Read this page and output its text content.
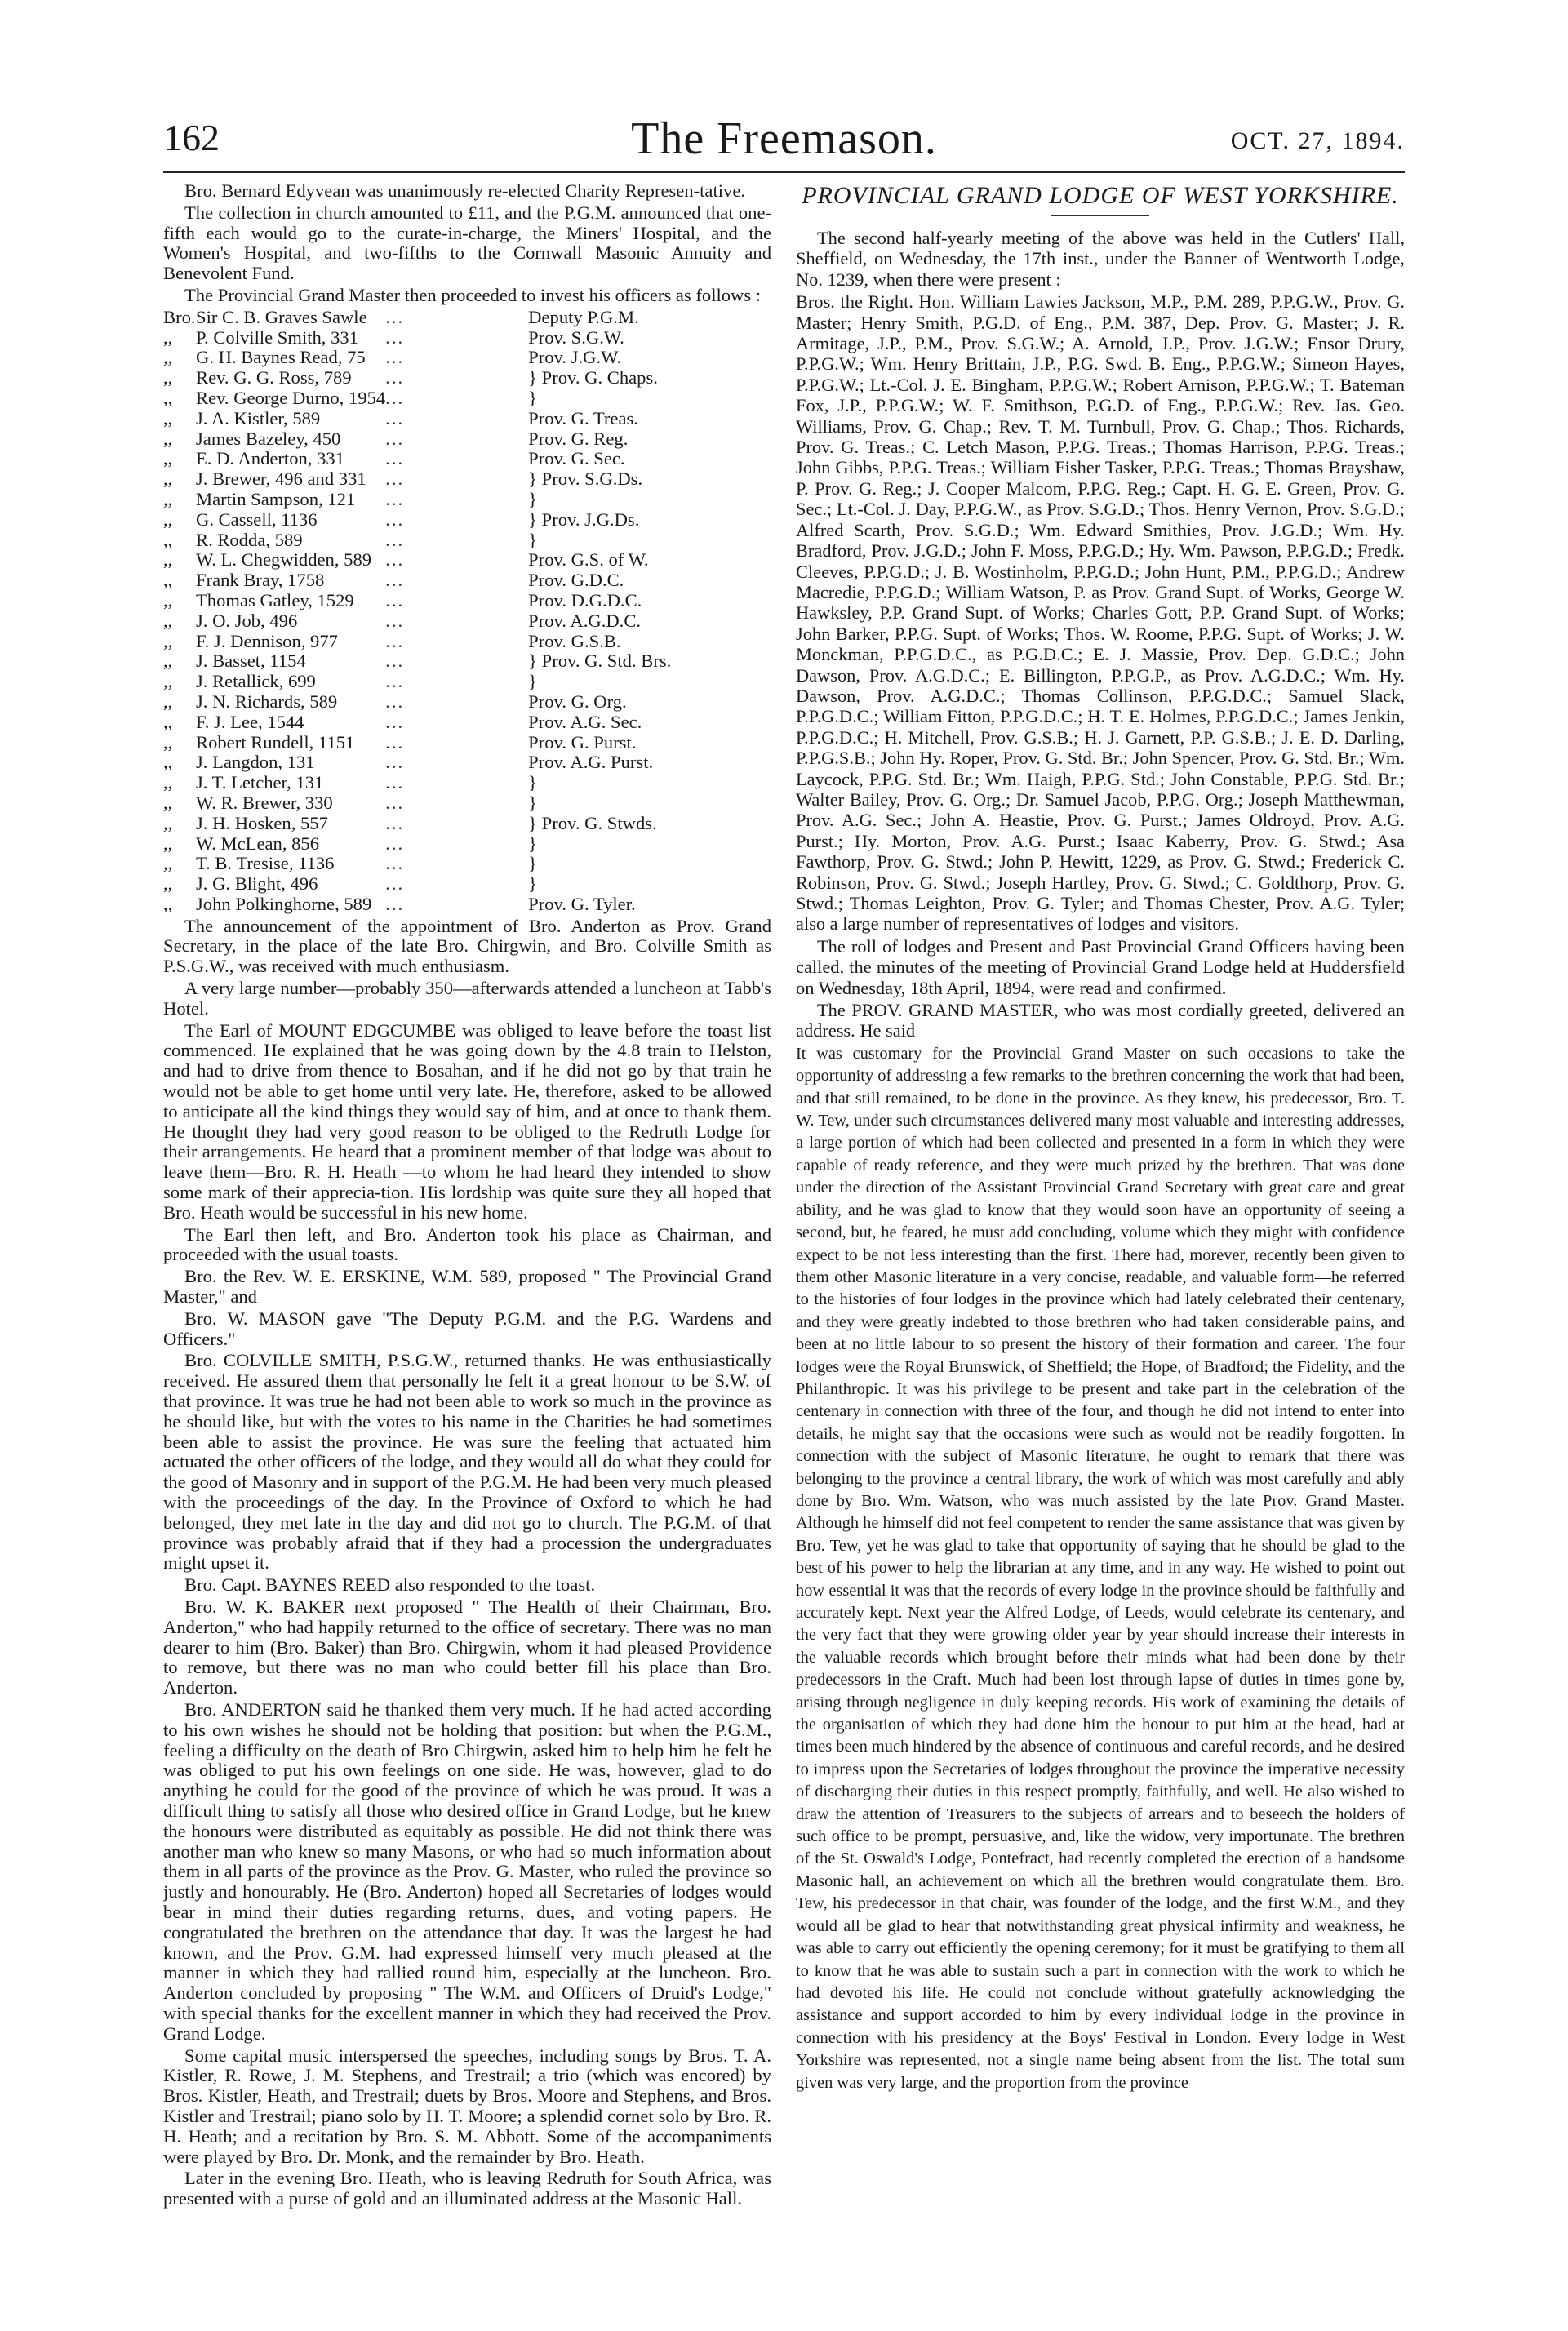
162	The Freemason.	OCT. 27, 1894.

Bro. Bernard Edyvean was unanimously re-elected Charity Represen-tative.

The collection in church amounted to £11, and the P.G.M. announced that one-fifth each would go to the curate-in-charge, the Miners' Hospital, and the Women's Hospital, and two-fifths to the Cornwall Masonic Annuity and Benevolent Fund.

The Provincial Grand Master then proceeded to invest his officers as follows :

Bro.	Sir C. B. Graves Sawle	...	Deputy P.G.M.
,,	P. Colville Smith, 331	...	Prov. S.G.W.
,,	G. H. Baynes Read, 75	...	Prov. J.G.W.
,,	Rev. G. G. Ross, 789	...	} Prov. G. Chaps.
,,	Rev. George Durno, 1954	...	}
,,	J. A. Kistler, 589	...	Prov. G. Treas.
,,	James Bazeley, 450	...	Prov. G. Reg.
,,	E. D. Anderton, 331	...	Prov. G. Sec.
,,	J. Brewer, 496 and 331	...	} Prov. S.G.Ds.
,,	Martin Sampson, 121	...	}
,,	G. Cassell, 1136	...	} Prov. J.G.Ds.
,,	R. Rodda, 589	...	}
,,	W. L. Chegwidden, 589	...	Prov. G.S. of W.
,,	Frank Bray, 1758	...	Prov. G.D.C.
,,	Thomas Gatley, 1529	...	Prov. D.G.D.C.
,,	J. O. Job, 496	...	Prov. A.G.D.C.
,,	F. J. Dennison, 977	...	Prov. G.S.B.
,,	J. Basset, 1154	...	} Prov. G. Std. Brs.
,,	J. Retallick, 699	...	}
,,	J. N. Richards, 589	...	Prov. G. Org.
,,	F. J. Lee, 1544	...	Prov. A.G. Sec.
,,	Robert Rundell, 1151	...	Prov. G. Purst.
,,	J. Langdon, 131	...	Prov. A.G. Purst.
,,	J. T. Letcher, 131	...	}
,,	W. R. Brewer, 330	...	}
,,	J. H. Hosken, 557	...	} Prov. G. Stwds.
,,	W. McLean, 856	...	}
,,	T. B. Tresise, 1136	...	}
,,	J. G. Blight, 496	...	}
,,	John Polkinghorne, 589	...	Prov. G. Tyler.

The announcement of the appointment of Bro. Anderton as Prov. Grand Secretary, in the place of the late Bro. Chirgwin, and Bro. Colville Smith as P.S.G.W., was received with much enthusiasm.

A very large number—probably 350—afterwards attended a luncheon at Tabb's Hotel.

The Earl of MOUNT EDGCUMBE was obliged to leave before the toast list commenced. He explained that he was going down by the 4.8 train to Helston, and had to drive from thence to Bosahan, and if he did not go by that train he would not be able to get home until very late. He, therefore, asked to be allowed to anticipate all the kind things they would say of him, and at once to thank them. He thought they had very good reason to be obliged to the Redruth Lodge for their arrangements. He heard that a prominent member of that lodge was about to leave them—Bro. R. H. Heath —to whom he had heard they intended to show some mark of their apprecia-tion. His lordship was quite sure they all hoped that Bro. Heath would be successful in his new home.

The Earl then left, and Bro. Anderton took his place as Chairman, and proceeded with the usual toasts.

Bro. the Rev. W. E. ERSKINE, W.M. 589, proposed " The Provincial Grand Master," and

Bro. W. MASON gave "The Deputy P.G.M. and the P.G. Wardens and Officers."

Bro. COLVILLE SMITH, P.S.G.W., returned thanks. He was enthusiastically received. He assured them that personally he felt it a great honour to be S.W. of that province. It was true he had not been able to work so much in the province as he should like, but with the votes to his name in the Charities he had sometimes been able to assist the province. He was sure the feeling that actuated him actuated the other officers of the lodge, and they would all do what they could for the good of Masonry and in support of the P.G.M. He had been very much pleased with the proceedings of the day. In the Province of Oxford to which he had belonged, they met late in the day and did not go to church. The P.G.M. of that province was probably afraid that if they had a procession the undergraduates might upset it.

Bro. Capt. BAYNES REED also responded to the toast.

Bro. W. K. BAKER next proposed " The Health of their Chairman, Bro. Anderton," who had happily returned to the office of secretary. There was no man dearer to him (Bro. Baker) than Bro. Chirgwin, whom it had pleased Providence to remove, but there was no man who could better fill his place than Bro. Anderton.

Bro. ANDERTON said he thanked them very much. If he had acted according to his own wishes he should not be holding that position: but when the P.G.M., feeling a difficulty on the death of Bro Chirgwin, asked him to help him he felt he was obliged to put his own feelings on one side. He was, however, glad to do anything he could for the good of the province of which he was proud. It was a difficult thing to satisfy all those who desired office in Grand Lodge, but he knew the honours were distributed as equitably as possible. He did not think there was another man who knew so many Masons, or who had so much information about them in all parts of the province as the Prov. G. Master, who ruled the province so justly and honourably. He (Bro. Anderton) hoped all Secretaries of lodges would bear in mind their duties regarding returns, dues, and voting papers. He congratulated the brethren on the attendance that day. It was the largest he had known, and the Prov. G.M. had expressed himself very much pleased at the manner in which they had rallied round him, especially at the luncheon. Bro. Anderton concluded by proposing " The W.M. and Officers of Druid's Lodge," with special thanks for the excellent manner in which they had received the Prov. Grand Lodge.

Some capital music interspersed the speeches, including songs by Bros. T. A. Kistler, R. Rowe, J. M. Stephens, and Trestrail; a trio (which was encored) by Bros. Kistler, Heath, and Trestrail; duets by Bros. Moore and Stephens, and Bros. Kistler and Trestrail; piano solo by H. T. Moore; a splendid cornet solo by Bro. R. H. Heath; and a recitation by Bro. S. M. Abbott. Some of the accompaniments were played by Bro. Dr. Monk, and the remainder by Bro. Heath.

Later in the evening Bro. Heath, who is leaving Redruth for South Africa, was presented with a purse of gold and an illuminated address at the Masonic Hall.

PROVINCIAL GRAND LODGE OF WEST YORKSHIRE.

The second half-yearly meeting of the above was held in the Cutlers' Hall, Sheffield, on Wednesday, the 17th inst., under the Banner of Wentworth Lodge, No. 1239, when there were present :

Bros. the Right. Hon. William Lawies Jackson, M.P., P.M. 289, P.P.G.W., Prov. G. Master; Henry Smith, P.G.D. of Eng., P.M. 387, Dep. Prov. G. Master; J. R. Armitage, J.P., P.M., Prov. S.G.W.; A. Arnold, J.P., Prov. J.G.W.; Ensor Drury, P.P.G.W.; Wm. Henry Brittain, J.P., P.G. Swd. B. Eng., P.P.G.W.; Simeon Hayes, P.P.G.W.; Lt.-Col. J. E. Bingham, P.P.G.W.; Robert Arnison, P.P.G.W.; T. Bateman Fox, J.P., P.P.G.W.; W. F. Smithson, P.G.D. of Eng., P.P.G.W.; Rev. Jas. Geo. Williams, Prov. G. Chap.; Rev. T. M. Turnbull, Prov. G. Chap.; Thos. Richards, Prov. G. Treas.; C. Letch Mason, P.P.G. Treas.; Thomas Harrison, P.P.G. Treas.; John Gibbs, P.P.G. Treas.; William Fisher Tasker, P.P.G. Treas.; Thomas Brayshaw, P. Prov. G. Reg.; J. Cooper Malcom, P.P.G. Reg.; Capt. H. G. E. Green, Prov. G. Sec.; Lt.-Col. J. Day, P.P.G.W., as Prov. S.G.D.; Thos. Henry Vernon, Prov. S.G.D.; Alfred Scarth, Prov. S.G.D.; Wm. Edward Smithies, Prov. J.G.D.; Wm. Hy. Bradford, Prov. J.G.D.; John F. Moss, P.P.G.D.; Hy. Wm. Pawson, P.P.G.D.; Fredk. Cleeves, P.P.G.D.; J. B. Wostinholm, P.P.G.D.; John Hunt, P.M., P.P.G.D.; Andrew Macredie, P.P.G.D.; William Watson, P. as Prov. Grand Supt. of Works, George W. Hawksley, P.P. Grand Supt. of Works; Charles Gott, P.P. Grand Supt. of Works; John Barker, P.P.G. Supt. of Works; Thos. W. Roome, P.P.G. Supt. of Works; J. W. Monckman, P.P.G.D.C., as P.G.D.C.; E. J. Massie, Prov. Dep. G.D.C.; John Dawson, Prov. A.G.D.C.; E. Billington, P.P.G.P., as Prov. A.G.D.C.; Wm. Hy. Dawson, Prov. A.G.D.C.; Thomas Collinson, P.P.G.D.C.; Samuel Slack, P.P.G.D.C.; William Fitton, P.P.G.D.C.; H. T. E. Holmes, P.P.G.D.C.; James Jenkin, P.P.G.D.C.; H. Mitchell, Prov. G.S.B.; H. J. Garnett, P.P. G.S.B.; J. E. D. Darling, P.P.G.S.B.; John Hy. Roper, Prov. G. Std. Br.; John Spencer, Prov. G. Std. Br.; Wm. Laycock, P.P.G. Std. Br.; Wm. Haigh, P.P.G. Std.; John Constable, P.P.G. Std. Br.; Walter Bailey, Prov. G. Org.; Dr. Samuel Jacob, P.P.G. Org.; Joseph Matthewman, Prov. A.G. Sec.; John A. Heastie, Prov. G. Purst.; James Oldroyd, Prov. A.G. Purst.; Hy. Morton, Prov. A.G. Purst.; Isaac Kaberry, Prov. G. Stwd.; Asa Fawthorp, Prov. G. Stwd.; John P. Hewitt, 1229, as Prov. G. Stwd.; Frederick C. Robinson, Prov. G. Stwd.; Joseph Hartley, Prov. G. Stwd.; C. Goldthorp, Prov. G. Stwd.; Thomas Leighton, Prov. G. Tyler; and Thomas Chester, Prov. A.G. Tyler; also a large number of representatives of lodges and visitors.

The roll of lodges and Present and Past Provincial Grand Officers having been called, the minutes of the meeting of Provincial Grand Lodge held at Huddersfield on Wednesday, 18th April, 1894, were read and confirmed.

The PROV. GRAND MASTER, who was most cordially greeted, delivered an address. He said

It was customary for the Provincial Grand Master on such occasions to take the opportunity of addressing a few remarks to the brethren concerning the work that had been, and that still remained, to be done in the province. As they knew, his predecessor, Bro. T. W. Tew, under such circumstances delivered many most valuable and interesting addresses, a large portion of which had been collected and presented in a form in which they were capable of ready reference, and they were much prized by the brethren. That was done under the direction of the Assistant Provincial Grand Secretary with great care and great ability, and he was glad to know that they would soon have an opportunity of seeing a second, but, he feared, he must add concluding, volume which they might with confidence expect to be not less interesting than the first. There had, morever, recently been given to them other Masonic literature in a very concise, readable, and valuable form—he referred to the histories of four lodges in the province which had lately celebrated their centenary, and they were greatly indebted to those brethren who had taken considerable pains, and been at no little labour to so present the history of their formation and career. The four lodges were the Royal Brunswick, of Sheffield; the Hope, of Bradford; the Fidelity, and the Philanthropic. It was his privilege to be present and take part in the celebration of the centenary in connection with three of the four, and though he did not intend to enter into details, he might say that the occasions were such as would not be readily forgotten. In connection with the subject of Masonic literature, he ought to remark that there was belonging to the province a central library, the work of which was most carefully and ably done by Bro. Wm. Watson, who was much assisted by the late Prov. Grand Master. Although he himself did not feel competent to render the same assistance that was given by Bro. Tew, yet he was glad to take that opportunity of saying that he should be glad to the best of his power to help the librarian at any time, and in any way. He wished to point out how essential it was that the records of every lodge in the province should be faithfully and accurately kept. Next year the Alfred Lodge, of Leeds, would celebrate its centenary, and the very fact that they were growing older year by year should increase their interests in the valuable records which brought before their minds what had been done by their predecessors in the Craft. Much had been lost through lapse of duties in times gone by, arising through negligence in duly keeping records. His work of examining the details of the organisation of which they had done him the honour to put him at the head, had at times been much hindered by the absence of continuous and careful records, and he desired to impress upon the Secretaries of lodges throughout the province the imperative necessity of discharging their duties in this respect promptly, faithfully, and well. He also wished to draw the attention of Treasurers to the subjects of arrears and to beseech the holders of such office to be prompt, persuasive, and, like the widow, very importunate. The brethren of the St. Oswald's Lodge, Pontefract, had recently completed the erection of a handsome Masonic hall, an achievement on which all the brethren would congratulate them. Bro. Tew, his predecessor in that chair, was founder of the lodge, and the first W.M., and they would all be glad to hear that notwithstanding great physical infirmity and weakness, he was able to carry out efficiently the opening ceremony; for it must be gratifying to them all to know that he was able to sustain such a part in connection with the work to which he had devoted his life. He could not conclude without gratefully acknowledging the assistance and support accorded to him by every individual lodge in the province in connection with his presidency at the Boys' Festival in London. Every lodge in West Yorkshire was represented, not a single name being absent from the list. The total sum given was very large, and the proportion from the province
